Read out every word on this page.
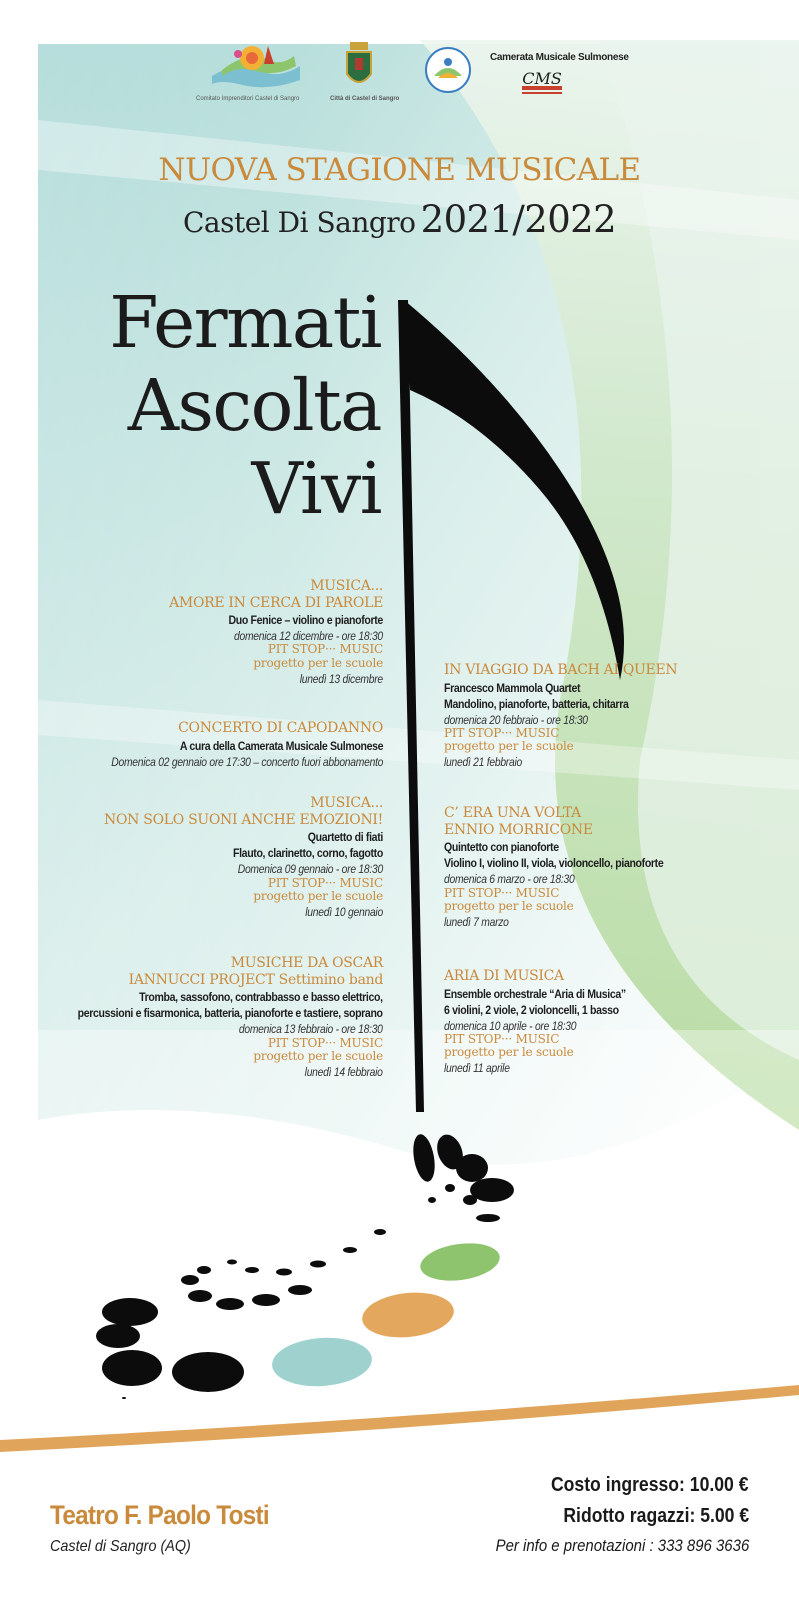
Comitato Imprenditori Castel di Sangro	Città di Castel di Sangro
Camerata Musicale Sulmonese
CMS
NUOVA STAGIONE MUSICALE
Castel Di Sangro 2021/2022
Fermati
Ascolta
Vivi
MUSICA...
AMORE IN CERCA DI PAROLE
Duo Fenice – violino e pianoforte
domenica 12 dicembre - ore 18:30
PIT STOP··· MUSIC
progetto per le scuole
lunedì 13 dicembre
CONCERTO DI CAPODANNO
A cura della Camerata Musicale Sulmonese
Domenica 02 gennaio ore 17:30 – concerto fuori abbonamento
MUSICA...
NON SOLO SUONI ANCHE EMOZIONI!
Quartetto di fiati
Flauto, clarinetto, corno, fagotto
Domenica 09 gennaio - ore 18:30
PIT STOP··· MUSIC
progetto per le scuole
lunedì 10 gennaio
MUSICHE DA OSCAR
IANNUCCI PROJECT Settimino band
Tromba, sassofono, contrabbasso e basso elettrico,
percussioni e fisarmonica, batteria, pianoforte e tastiere, soprano
domenica 13 febbraio - ore 18:30
PIT STOP··· MUSIC
progetto per le scuole
lunedì 14 febbraio
IN VIAGGIO DA BACH AI QUEEN
Francesco Mammola Quartet
Mandolino, pianoforte, batteria, chitarra
domenica 20 febbraio - ore 18:30
PIT STOP··· MUSIC
progetto per le scuole
lunedì 21 febbraio
C’ ERA UNA VOLTA
ENNIO MORRICONE
Quintetto con pianoforte
Violino I, violino II, viola, violoncello, pianoforte
domenica 6 marzo - ore 18:30
PIT STOP··· MUSIC
progetto per le scuole
lunedì 7 marzo
ARIA DI MUSICA
Ensemble orchestrale “Aria di Musica”
6 violini, 2 viole, 2 violoncelli, 1 basso
domenica 10 aprile - ore 18:30
PIT STOP··· MUSIC
progetto per le scuole
lunedì 11 aprile
Teatro F. Paolo Tosti
Castel di Sangro (AQ)
Costo ingresso: 10.00 €
Ridotto ragazzi: 5.00 €
Per info e prenotazioni : 333 896 3636
